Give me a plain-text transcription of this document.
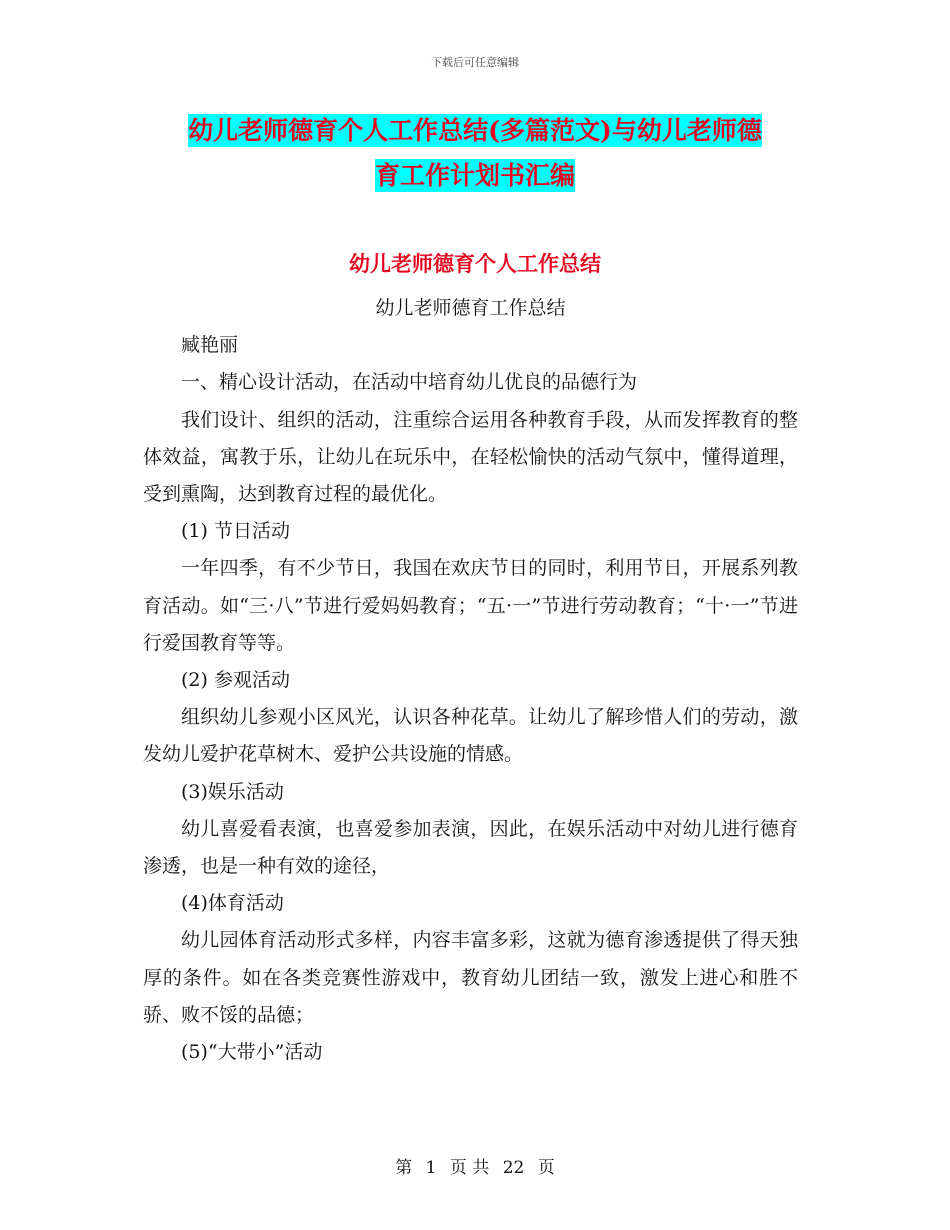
下载后可任意编辑
幼儿老师德育个人工作总结(多篇范文)与幼儿老师德
育工作计划书汇编
幼儿老师德育个人工作总结

幼儿老师德育工作总结

臧艳丽

一、精心设计活动，在活动中培育幼儿优良的品德行为

我们设计、组织的活动，注重综合运用各种教育手段，从而发挥教育的整体效益，寓教于乐，让幼儿在玩乐中，在轻松愉快的活动气氛中，懂得道理，受到熏陶，达到教育过程的最优化。

(1) 节日活动

一年四季，有不少节日，我国在欢庆节日的同时，利用节日，开展系列教育活动。如“三·八”节进行爱妈妈教育；“五·一”节进行劳动教育；“十·一”节进行爱国教育等等。

(2) 参观活动

组织幼儿参观小区风光，认识各种花草。让幼儿了解珍惜人们的劳动，激发幼儿爱护花草树木、爱护公共设施的情感。

(3)娱乐活动

幼儿喜爱看表演，也喜爱参加表演，因此，在娱乐活动中对幼儿进行德育渗透，也是一种有效的途径，

(4)体育活动

幼儿园体育活动形式多样，内容丰富多彩，这就为德育渗透提供了得天独厚的条件。如在各类竞赛性游戏中，教育幼儿团结一致，激发上进心和胜不骄、败不馁的品德；

(5)“大带小”活动

第 1 页 共 22 页
